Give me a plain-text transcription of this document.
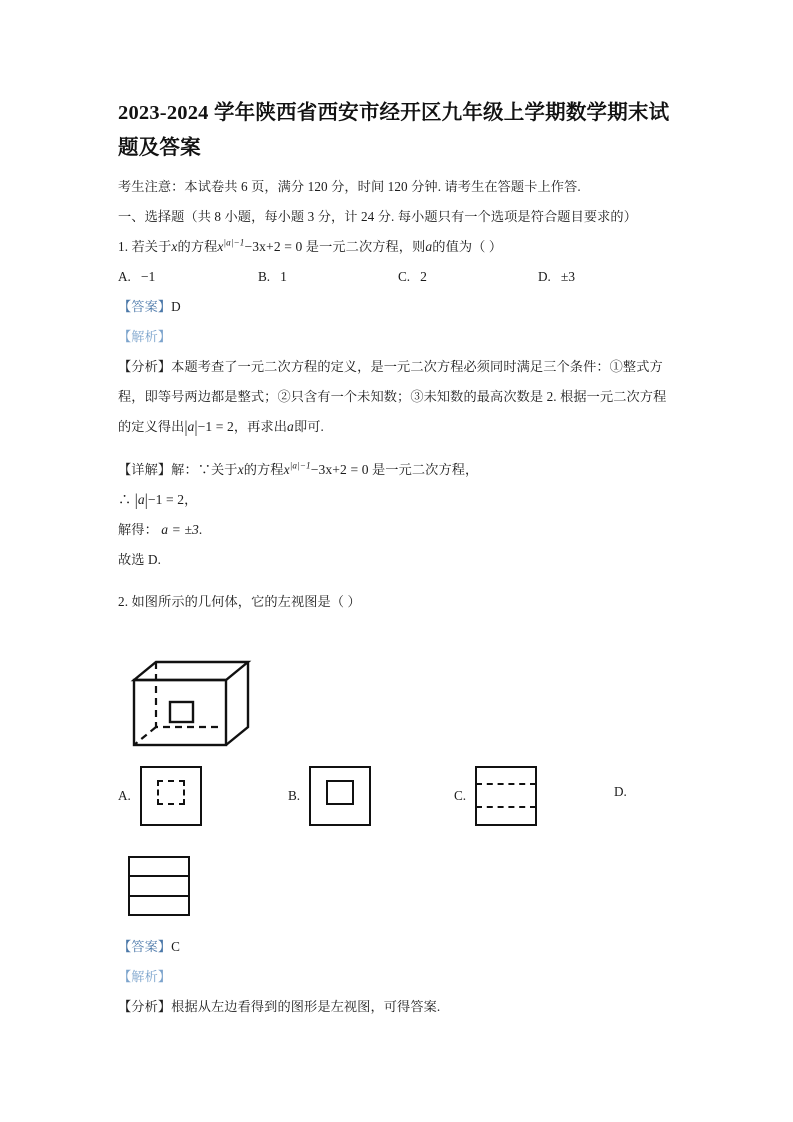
2023-2024 学年陕西省西安市经开区九年级上学期数学期末试题及答案

考生注意：本试卷共 6 页，满分 120 分，时间 120 分钟. 请考生在答题卡上作答.

一、选择题（共 8 小题，每小题 3 分，计 24 分. 每小题只有一个选项是符合题目要求的）

1. 若关于x的方程$x^{|a|-1}-3x+2 = 0$ 是一元二次方程，则a的值为（ ）

A. −1	B. 1	C. 2	D. ±3

【答案】D

【解析】

【分析】本题考查了一元二次方程的定义，是一元二次方程必须同时满足三个条件：①整式方程，即等号两边都是整式；②只含有一个未知数；③未知数的最高次数是 2. 根据一元二次方程的定义得出|a|−1 = 2，再求出a即可.

【详解】解：∵关于x的方程$x^{|a|-1}-3x+2 = 0$ 是一元二次方程，

∴ |a|−1 = 2，

解得： a = ±3.

故选 D.

2. 如图所示的几何体，它的左视图是（ ）

A.	B.	C.	D.

【答案】C

【解析】

【分析】根据从左边看得到的图形是左视图，可得答案.
